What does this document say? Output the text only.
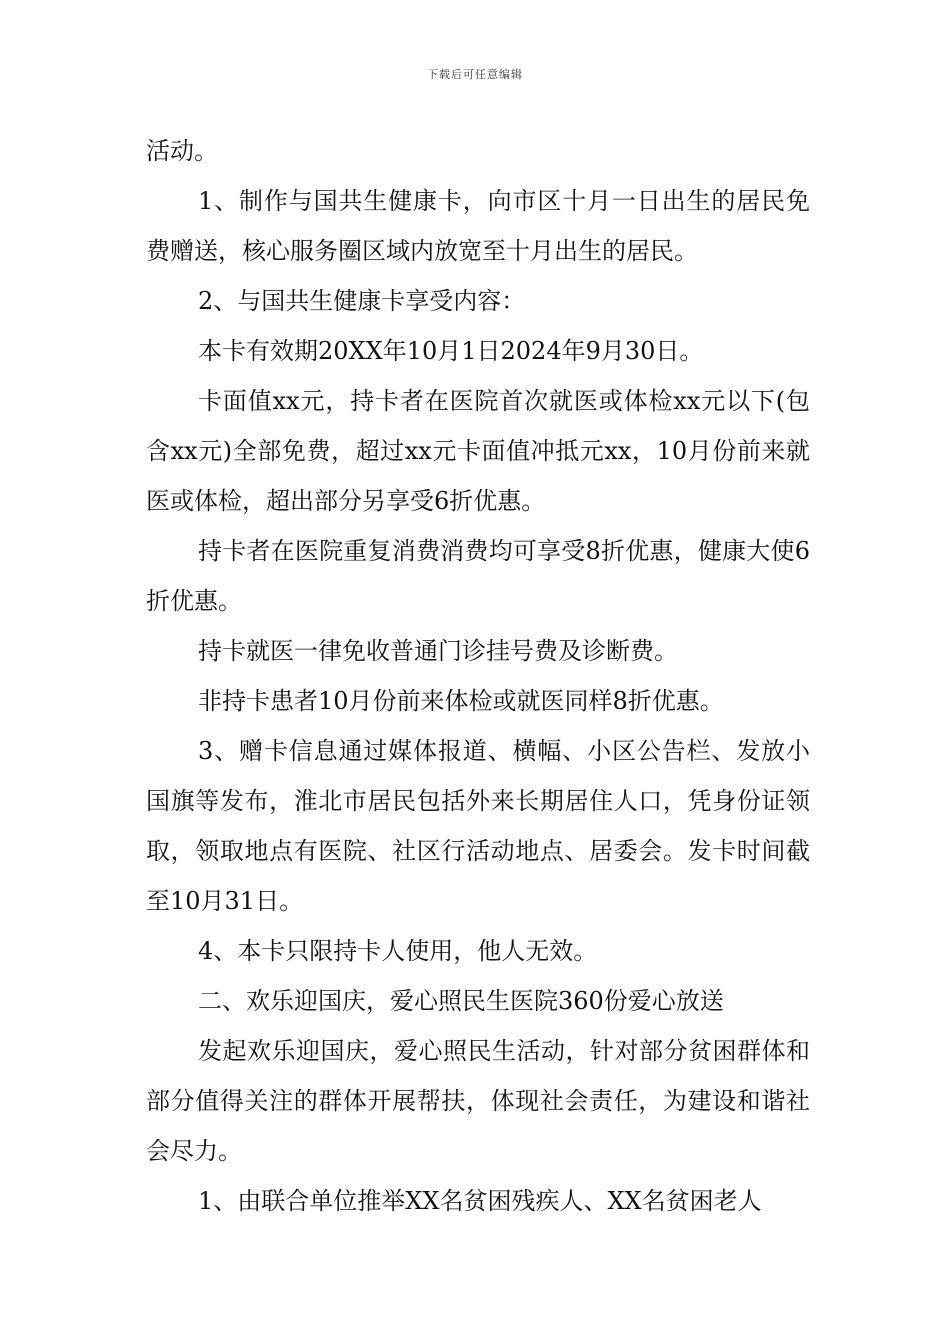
下载后可任意编辑

活动。

1、制作与国共生健康卡，向市区十月一日出生的居民免费赠送，核心服务圈区域内放宽至十月出生的居民。

2、与国共生健康卡享受内容：

本卡有效期20XX年10月1日2024年9月30日。

卡面值xx元，持卡者在医院首次就医或体检xx元以下(包含xx元)全部免费，超过xx元卡面值冲抵元xx，10月份前来就医或体检，超出部分另享受6折优惠。

持卡者在医院重复消费消费均可享受8折优惠，健康大使6折优惠。

持卡就医一律免收普通门诊挂号费及诊断费。

非持卡患者10月份前来体检或就医同样8折优惠。

3、赠卡信息通过媒体报道、横幅、小区公告栏、发放小国旗等发布，淮北市居民包括外来长期居住人口，凭身份证领取，领取地点有医院、社区行活动地点、居委会。发卡时间截至10月31日。

4、本卡只限持卡人使用，他人无效。

二、欢乐迎国庆，爱心照民生医院360份爱心放送

发起欢乐迎国庆，爱心照民生活动，针对部分贫困群体和部分值得关注的群体开展帮扶，体现社会责任，为建设和谐社会尽力。

1、由联合单位推举XX名贫困残疾人、XX名贫困老人
